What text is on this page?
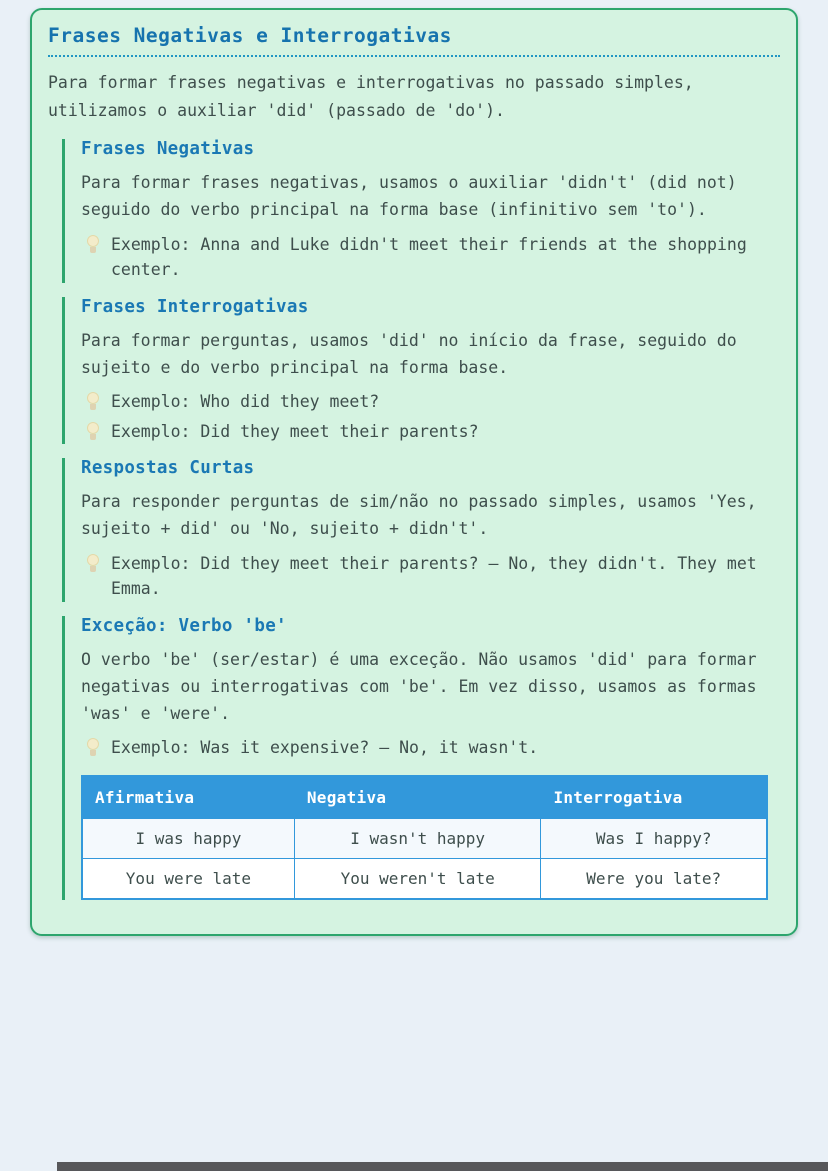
Frases Negativas e Interrogativas

Para formar frases negativas e interrogativas no passado simples, utilizamos o auxiliar 'did' (passado de 'do').

Frases Negativas

Para formar frases negativas, usamos o auxiliar 'didn't' (did not) seguido do verbo principal na forma base (infinitivo sem 'to').

Exemplo: Anna and Luke didn't meet their friends at the shopping center.
Frases Interrogativas

Para formar perguntas, usamos 'did' no início da frase, seguido do sujeito e do verbo principal na forma base.

Exemplo: Who did they meet?
Exemplo: Did they meet their parents?
Respostas Curtas

Para responder perguntas de sim/não no passado simples, usamos 'Yes, sujeito + did' ou 'No, sujeito + didn't'.

Exemplo: Did they meet their parents? – No, they didn't. They met Emma.
Exceção: Verbo 'be'

O verbo 'be' (ser/estar) é uma exceção. Não usamos 'did' para formar negativas ou interrogativas com 'be'. Em vez disso, usamos as formas 'was' e 'were'.

Exemplo: Was it expensive? – No, it wasn't.
Afirmativa	Negativa	Interrogativa
I was happy	I wasn't happy	Was I happy?
You were late	You weren't late	Were you late?
